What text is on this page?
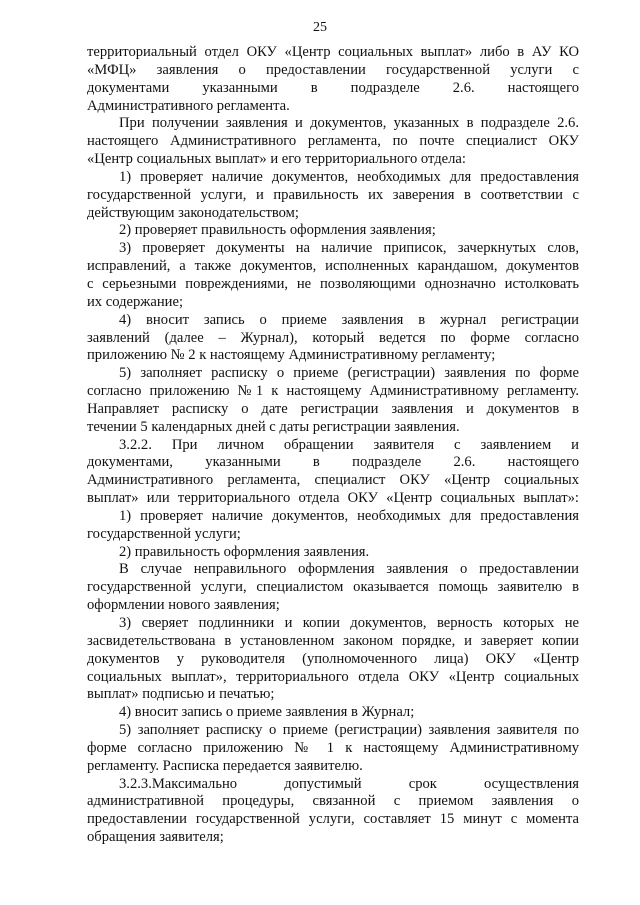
25
территориальный отдел ОКУ «Центр социальных выплат» либо в АУ КО
«МФЦ» заявления о предоставлении государственной услуги с
документами указанными в подразделе 2.6. настоящего
Административного регламента.
При получении заявления и документов, указанных в подразделе 2.6.
настоящего Административного регламента, по почте специалист ОКУ
«Центр социальных выплат» и его территориального отдела:
1) проверяет наличие документов, необходимых для предоставления
государственной услуги, и правильность их заверения в соответствии с
действующим законодательством;
2) проверяет правильность оформления заявления;
3) проверяет документы на наличие приписок, зачеркнутых слов,
исправлений, а также документов, исполненных карандашом, документов
с серьезными повреждениями, не позволяющими однозначно истолковать
их содержание;
4) вносит запись о приеме заявления в журнал регистрации
заявлений (далее – Журнал), который ведется по форме согласно
приложению № 2 к настоящему Административному регламенту;
5) заполняет расписку о приеме (регистрации) заявления по форме
согласно приложению №1 к настоящему Административному регламенту.
Направляет расписку о дате регистрации заявления и документов в
течении 5 календарных дней с даты регистрации заявления.
3.2.2. При личном обращении заявителя с заявлением и
документами, указанными в подразделе 2.6. настоящего
Административного регламента, специалист ОКУ «Центр социальных
выплат» или территориального отдела ОКУ «Центр социальных выплат»:
1) проверяет наличие документов, необходимых для предоставления
государственной услуги;
2) правильность оформления заявления.
В случае неправильного оформления заявления о предоставлении
государственной услуги, специалистом оказывается помощь заявителю в
оформлении нового заявления;
3) сверяет подлинники и копии документов, верность которых не
засвидетельствована в установленном законом порядке, и заверяет копии
документов у руководителя (уполномоченного лица) ОКУ «Центр
социальных выплат», территориального отдела ОКУ «Центр социальных
выплат» подписью и печатью;
4) вносит запись о приеме заявления в Журнал;
5) заполняет расписку о приеме (регистрации) заявления заявителя по
форме согласно приложению № 1 к настоящему Административному
регламенту. Расписка передается заявителю.
3.2.3.Максимально допустимый срок осуществления
административной процедуры, связанной с приемом заявления о
предоставлении государственной услуги, составляет 15 минут с момента
обращения заявителя;
